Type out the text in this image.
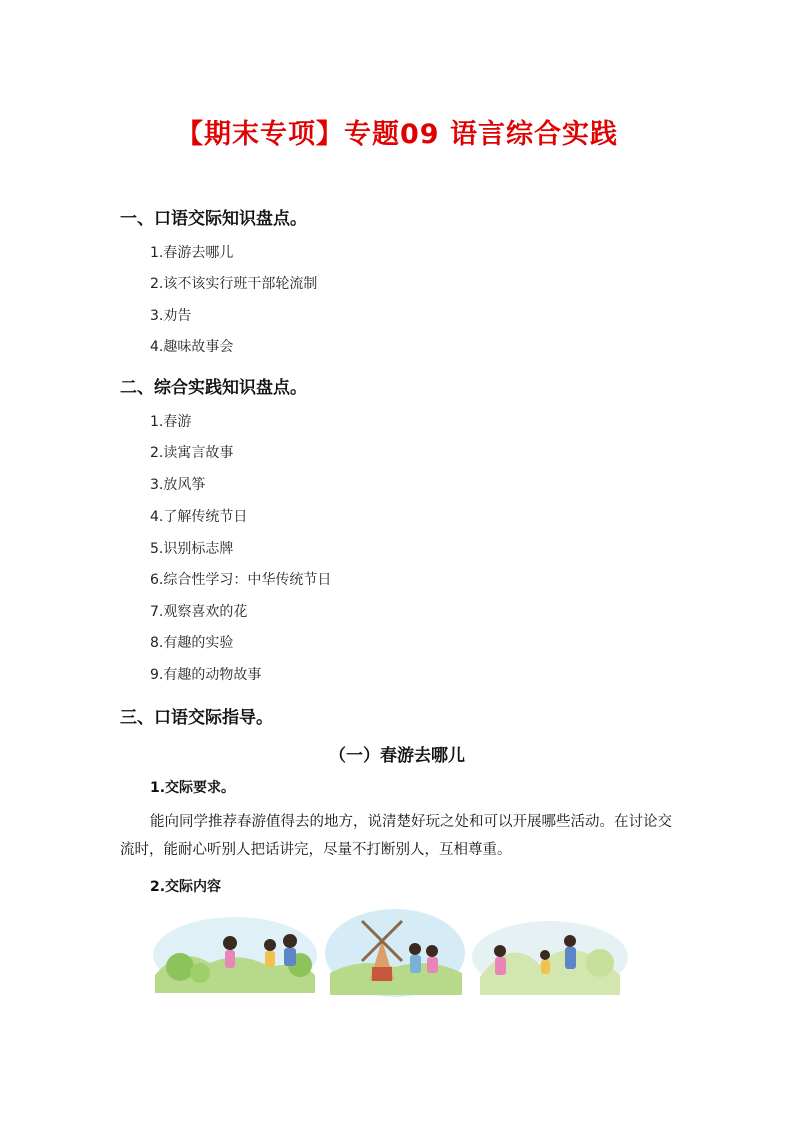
【期末专项】专题09 语言综合实践
一、口语交际知识盘点。
1.春游去哪儿
2.该不该实行班干部轮流制
3.劝告
4.趣味故事会
二、综合实践知识盘点。
1.春游
2.读寓言故事
3.放风筝
4.了解传统节日
5.识别标志牌
6.综合性学习：中华传统节日
7.观察喜欢的花
8.有趣的实验
9.有趣的动物故事
三、口语交际指导。
（一）春游去哪儿
1.交际要求。
能向同学推荐春游值得去的地方，说清楚好玩之处和可以开展哪些活动。在讨论交流时，能耐心听别人把话讲完，尽量不打断别人，互相尊重。
2.交际内容
